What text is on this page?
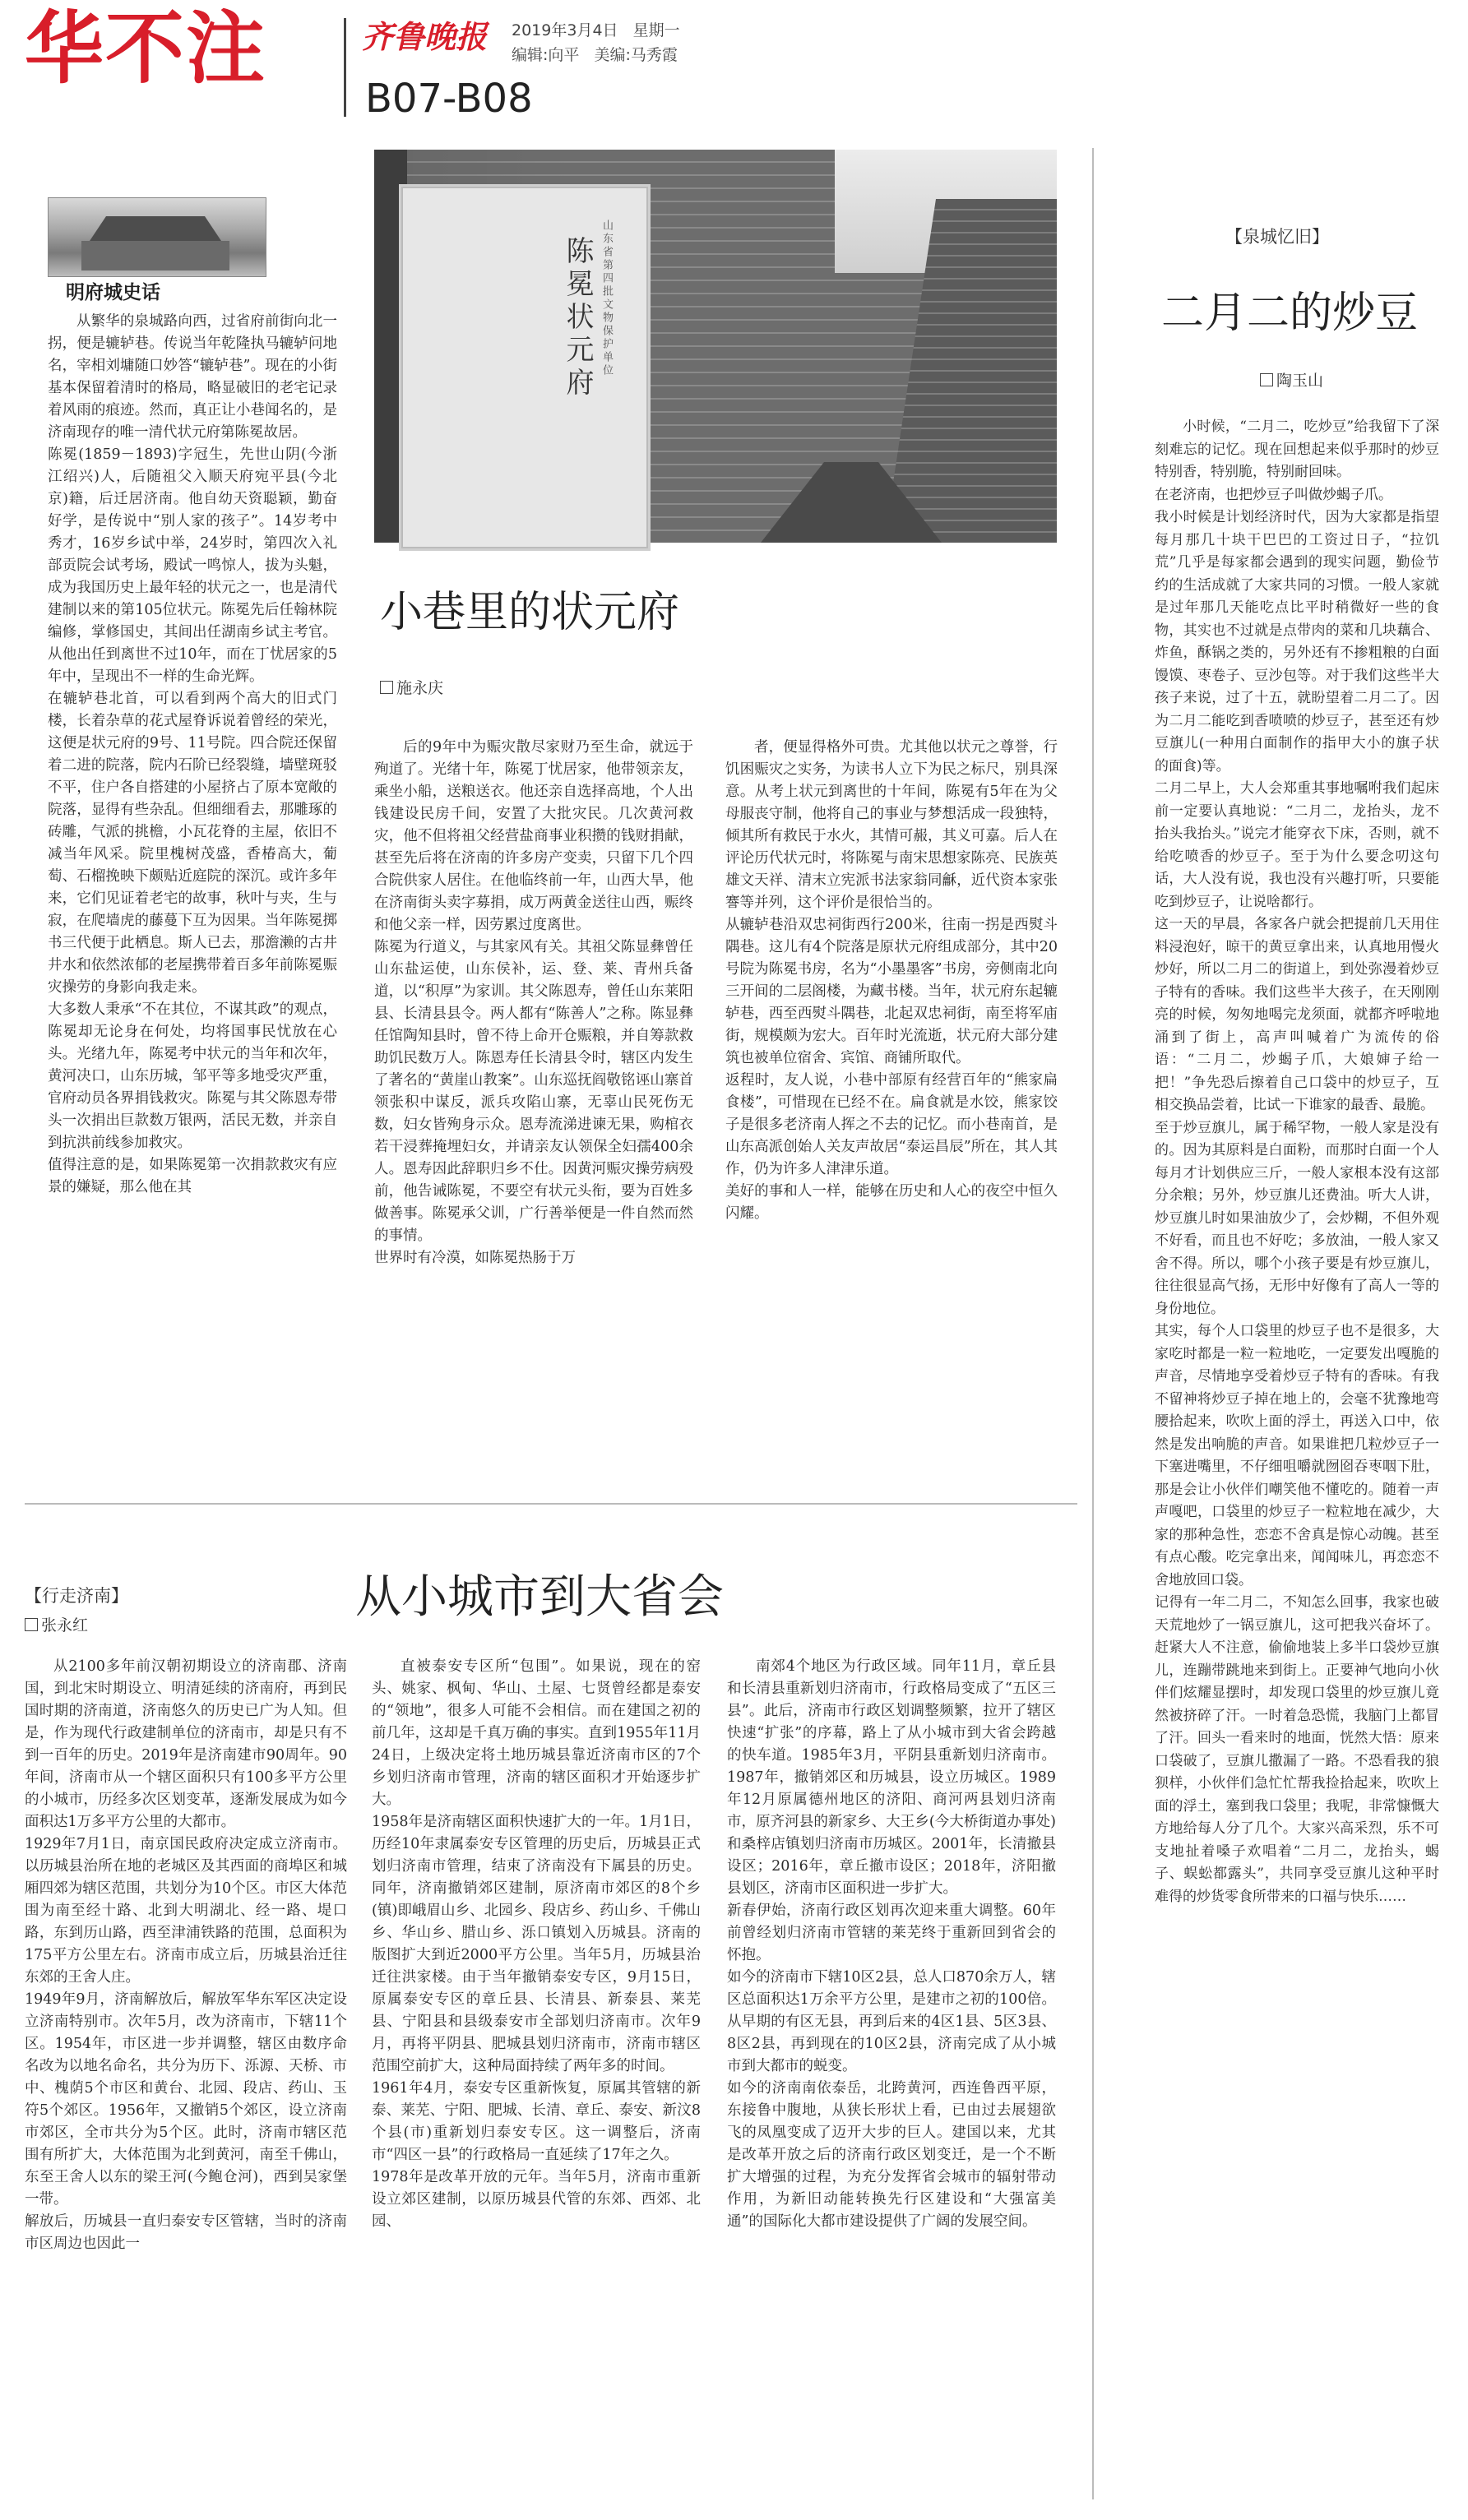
华不注	齐鲁晚报 2019年3月4日 星期一
编辑:向平 美编:马秀霞
B07-B08
明府城史话	陈冕状元府 山东省第四批文物保护单位
小巷里的状元府
施永庆
从繁华的泉城路向西，过省府前街向北一拐，便是辘轳巷。传说当年乾隆执马辘轳问地名，宰相刘墉随口妙答“辘轳巷”。现在的小街基本保留着清时的格局，略显破旧的老宅记录着风雨的痕迹。然而，真正让小巷闻名的，是济南现存的唯一清代状元府第陈冕故居。
陈冕(1859－1893)字冠生，先世山阴(今浙江绍兴)人，后随祖父入顺天府宛平县(今北京)籍，后迁居济南。他自幼天资聪颖，勤奋好学，是传说中“别人家的孩子”。14岁考中秀才，16岁乡试中举，24岁时，第四次入礼部贡院会试考场，殿试一鸣惊人，拔为头魁，成为我国历史上最年轻的状元之一，也是清代建制以来的第105位状元。陈冕先后任翰林院编修，掌修国史，其间出任湖南乡试主考官。从他出任到离世不过10年，而在丁忧居家的5年中，呈现出不一样的生命光辉。
在辘轳巷北首，可以看到两个高大的旧式门楼，长着杂草的花式屋脊诉说着曾经的荣光，这便是状元府的9号、11号院。四合院还保留着二进的院落，院内石阶已经裂缝，墙壁斑驳不平，住户各自搭建的小屋挤占了原本宽敞的院落，显得有些杂乱。但细细看去，那雕琢的砖雕，气派的挑檐，小瓦花脊的主屋，依旧不减当年风采。院里槐树茂盛，香椿高大，葡萄、石榴挽映下颇贴近庭院的深沉。或许多年来，它们见证着老宅的故事，秋叶与夹，生与寂，在爬墙虎的藤蔓下互为因果。当年陈冕掷书三代便于此栖息。斯人已去，那澹濑的古井井水和依然浓郁的老屋携带着百多年前陈冕赈灾操劳的身影向我走来。
大多数人秉承“不在其位，不谋其政”的观点，陈冕却无论身在何处，均将国事民忧放在心头。光绪九年，陈冕考中状元的当年和次年，黄河决口，山东历城，邹平等多地受灾严重，官府动员各界捐钱救灾。陈冕与其父陈恩寿带头一次捐出巨款数万银两，活民无数，并亲自到抗洪前线参加救灾。
值得注意的是，如果陈冕第一次捐款救灾有应景的嫌疑，那么他在其
后的9年中为赈灾散尽家财乃至生命，就远于殉道了。光绪十年，陈冕丁忧居家，他带领亲友，乘坐小船，送粮送衣。他还亲自选择高地，个人出钱建设民房千间，安置了大批灾民。几次黄河救灾，他不但将祖父经营盐商事业积攒的钱财捐献，甚至先后将在济南的许多房产变卖，只留下几个四合院供家人居住。在他临终前一年，山西大旱，他在济南街头卖字募捐，成万两黄金送往山西，赈终和他父亲一样，因劳累过度离世。
陈冕为行道义，与其家风有关。其祖父陈显彝曾任山东盐运使，山东侯补，运、登、莱、青州兵备道，以“积厚”为家训。其父陈恩寿，曾任山东莱阳县、长清县县令。两人都有“陈善人”之称。陈显彝任馆陶知县时，曾不待上命开仓赈粮，并自筹款救助饥民数万人。陈恩寿任长清县令时，辖区内发生了著名的“黄崖山教案”。山东巡抚阎敬铭诬山寨首领张积中谋反，派兵攻陷山寨，无辜山民死伤无数，妇女皆殉身示众。恩寿流涕进谏无果，购棺衣若干浸葬掩埋妇女，并请亲友认领保全妇孺400余人。恩寿因此辞职归乡不仕。因黄河赈灾操劳病殁前，他告诫陈冕，不要空有状元头衔，要为百姓多做善事。陈冕承父训，广行善举便是一件自然而然的事情。
世界时有冷漠，如陈冕热肠于万
者，便显得格外可贵。尤其他以状元之尊誉，行饥困赈灾之实务，为读书人立下为民之标尺，别具深意。从考上状元到离世的十年间，陈冕有5年在为父母服丧守制，他将自己的事业与梦想活成一段独特，倾其所有救民于水火，其情可赧，其义可嘉。后人在评论历代状元时，将陈冕与南宋思想家陈亮、民族英雄文天祥、清末立宪派书法家翁同龢，近代资本家张謇等并列，这个评价是很恰当的。
从辘轳巷沿双忠祠街西行200米，往南一拐是西熨斗隅巷。这儿有4个院落是原状元府组成部分，其中20号院为陈冕书房，名为“小墨墨客”书房，旁侧南北向三开间的二层阁楼，为藏书楼。当年，状元府东起辘轳巷，西至西熨斗隅巷，北起双忠祠街，南至将军庙街，规模颇为宏大。百年时光流逝，状元府大部分建筑也被单位宿舍、宾馆、商铺所取代。
返程时，友人说，小巷中部原有经营百年的“熊家扁食楼”，可惜现在已经不在。扁食就是水饺，熊家饺子是很多老济南人挥之不去的记忆。而小巷南首，是山东高派创始人关友声故居“泰运昌辰”所在，其人其作，仍为许多人津津乐道。
美好的事和人一样，能够在历史和人心的夜空中恒久闪耀。
【泉城忆旧】
二月二的炒豆
陶玉山
小时候，“二月二，吃炒豆”给我留下了深刻难忘的记忆。现在回想起来似乎那时的炒豆特别香，特别脆，特别耐回味。
在老济南，也把炒豆子叫做炒蝎子爪。
我小时候是计划经济时代，因为大家都是指望每月那几十块干巴巴的工资过日子，“拉饥荒”几乎是每家都会遇到的现实问题，勤俭节约的生活成就了大家共同的习惯。一般人家就是过年那几天能吃点比平时稍微好一些的食物，其实也不过就是点带肉的菜和几块藕合、炸鱼，酥锅之类的，另外还有不掺粗粮的白面馒馍、枣卷子、豆沙包等。对于我们这些半大孩子来说，过了十五，就盼望着二月二了。因为二月二能吃到香喷喷的炒豆子，甚至还有炒豆旗儿(一种用白面制作的指甲大小的旗子状的面食)等。
二月二早上，大人会郑重其事地嘱咐我们起床前一定要认真地说：“二月二，龙抬头，龙不抬头我抬头。”说完才能穿衣下床，否则，就不给吃喷香的炒豆子。至于为什么要念叨这句话，大人没有说，我也没有兴趣打听，只要能吃到炒豆子，让说啥都行。
这一天的早晨，各家各户就会把提前几天用住料浸泡好，晾干的黄豆拿出来，认真地用慢火炒好，所以二月二的街道上，到处弥漫着炒豆子特有的香味。我们这些半大孩子，在天刚刚亮的时候，匆匆地喝完龙须面，就都齐呼啦地涌到了街上，高声叫喊着广为流传的俗语：“二月二，炒蝎子爪，大娘婶子给一把！”争先恐后擦着自己口袋中的炒豆子，互相交换品尝着，比试一下谁家的最香、最脆。
至于炒豆旗儿，属于稀罕物，一般人家是没有的。因为其原料是白面粉，而那时白面一个人每月才计划供应三斤，一般人家根本没有这部分余粮；另外，炒豆旗儿还费油。听大人讲，炒豆旗儿时如果油放少了，会炒糊，不但外观不好看，而且也不好吃；多放油，一般人家又舍不得。所以，哪个小孩子要是有炒豆旗儿，往往很显高气扬，无形中好像有了高人一等的身份地位。
其实，每个人口袋里的炒豆子也不是很多，大家吃时都是一粒一粒地吃，一定要发出嘎脆的声音，尽情地享受着炒豆子特有的香味。有我不留神将炒豆子掉在地上的，会毫不犹豫地弯腰拾起来，吹吹上面的浮土，再送入口中，依然是发出响脆的声音。如果谁把几粒炒豆子一下塞进嘴里，不仔细咀嚼就囫囵吞枣咽下肚，那是会让小伙伴们嘲笑他不懂吃的。随着一声声嘎吧，口袋里的炒豆子一粒粒地在减少，大家的那种急性，恋恋不舍真是惊心动魄。甚至有点心酸。吃完拿出来，闻闻味儿，再恋恋不舍地放回口袋。
记得有一年二月二，不知怎么回事，我家也破天荒地炒了一锅豆旗儿，这可把我兴奋坏了。赶紧大人不注意，偷偷地装上多半口袋炒豆旗儿，连蹦带跳地来到街上。正要神气地向小伙伴们炫耀显摆时，却发现口袋里的炒豆旗儿竟然被挤碎了汗。一时着急恐慌，我脑门上都冒了汗。回头一看来时的地面，恍然大悟：原来口袋破了，豆旗儿撒漏了一路。不恐看我的狼狈样，小伙伴们急忙忙帮我捡拾起来，吹吹上面的浮土，塞到我口袋里；我呢，非常慷慨大方地给每人分了几个。大家兴高采烈，乐不可支地扯着嗓子欢唱着“二月二，龙抬头，蝎子、蜈蚣都露头”，共同享受豆旗儿这种平时难得的炒货零食所带来的口福与快乐……
【行走济南】
张永红
从小城市到大省会
从2100多年前汉朝初期设立的济南郡、济南国，到北宋时期设立、明清延续的济南府，再到民国时期的济南道，济南悠久的历史已广为人知。但是，作为现代行政建制单位的济南市，却是只有不到一百年的历史。2019年是济南建市90周年。90年间，济南市从一个辖区面积只有100多平方公里的小城市，历经多次区划变革，逐渐发展成为如今面积达1万多平方公里的大都市。
1929年7月1日，南京国民政府决定成立济南市。以历城县治所在地的老城区及其西面的商埠区和城厢四郊为辖区范围，共划分为10个区。市区大体范围为南至经十路、北到大明湖北、经一路、堤口路，东到历山路，西至津浦铁路的范围，总面积为175平方公里左右。济南市成立后，历城县治迁往东郊的王舍人庄。
1949年9月，济南解放后，解放军华东军区决定设立济南特别市。次年5月，改为济南市，下辖11个区。1954年，市区进一步并调整，辖区由数序命名改为以地名命名，共分为历下、泺源、天桥、市中、槐荫5个市区和黄台、北园、段店、药山、玉符5个郊区。1956年，又撤销5个郊区，设立济南市郊区，全市共分为5个区。此时，济南市辖区范围有所扩大，大体范围为北到黄河，南至千佛山，东至王舍人以东的梁王河(今鲍仓河)，西到吴家堡一带。
解放后，历城县一直归泰安专区管辖，当时的济南市区周边也因此一
直被泰安专区所“包围”。如果说，现在的窑头、姚家、枫甸、华山、土屋、七贤曾经都是泰安的“领地”，很多人可能不会相信。而在建国之初的前几年，这却是千真万确的事实。直到1955年11月24日，上级决定将土地历城县靠近济南市区的7个乡划归济南市管理，济南的辖区面积才开始逐步扩大。
1958年是济南辖区面积快速扩大的一年。1月1日，历经10年隶属泰安专区管理的历史后，历城县正式划归济南市管理，结束了济南没有下属县的历史。同年，济南撤销郊区建制，原济南市郊区的8个乡(镇)即峨眉山乡、北园乡、段店乡、药山乡、千佛山乡、华山乡、腊山乡、泺口镇划入历城县。济南的版图扩大到近2000平方公里。当年5月，历城县治迁往洪家楼。由于当年撤销泰安专区，9月15日，原属泰安专区的章丘县、长清县、新泰县、莱芜县、宁阳县和县级泰安市全部划归济南市。次年9月，再将平阴县、肥城县划归济南市，济南市辖区范围空前扩大，这种局面持续了两年多的时间。
1961年4月，泰安专区重新恢复，原属其管辖的新泰、莱芜、宁阳、肥城、长清、章丘、泰安、新汶8个县(市)重新划归泰安专区。这一调整后，济南市“四区一县”的行政格局一直延续了17年之久。
1978年是改革开放的元年。当年5月，济南市重新设立郊区建制，以原历城县代管的东郊、西郊、北园、
南郊4个地区为行政区域。同年11月，章丘县和长清县重新划归济南市，行政格局变成了“五区三县”。此后，济南市行政区划调整频繁，拉开了辖区快速“扩张”的序幕，路上了从小城市到大省会跨越的快车道。1985年3月，平阴县重新划归济南市。1987年，撤销郊区和历城县，设立历城区。1989年12月原属德州地区的济阳、商河两县划归济南市，原齐河县的新家乡、大王乡(今大桥街道办事处)和桑梓店镇划归济南市历城区。2001年，长清撤县设区；2016年，章丘撤市设区；2018年，济阳撤县划区，济南市区面积进一步扩大。
新春伊始，济南行政区划再次迎来重大调整。60年前曾经划归济南市管辖的莱芜终于重新回到省会的怀抱。
如今的济南市下辖10区2县，总人口870余万人，辖区总面积达1万余平方公里，是建市之初的100倍。从早期的有区无县，再到后来的4区1县、5区3县、8区2县，再到现在的10区2县，济南完成了从小城市到大都市的蜕变。
如今的济南南依泰岳，北跨黄河，西连鲁西平原，东接鲁中腹地，从狭长形状上看，已由过去展翅欲飞的凤凰变成了迈开大步的巨人。建国以来，尤其是改革开放之后的济南行政区划变迁，是一个不断扩大增强的过程，为充分发挥省会城市的辐射带动作用，为新旧动能转换先行区建设和“大强富美通”的国际化大都市建设提供了广阔的发展空间。
